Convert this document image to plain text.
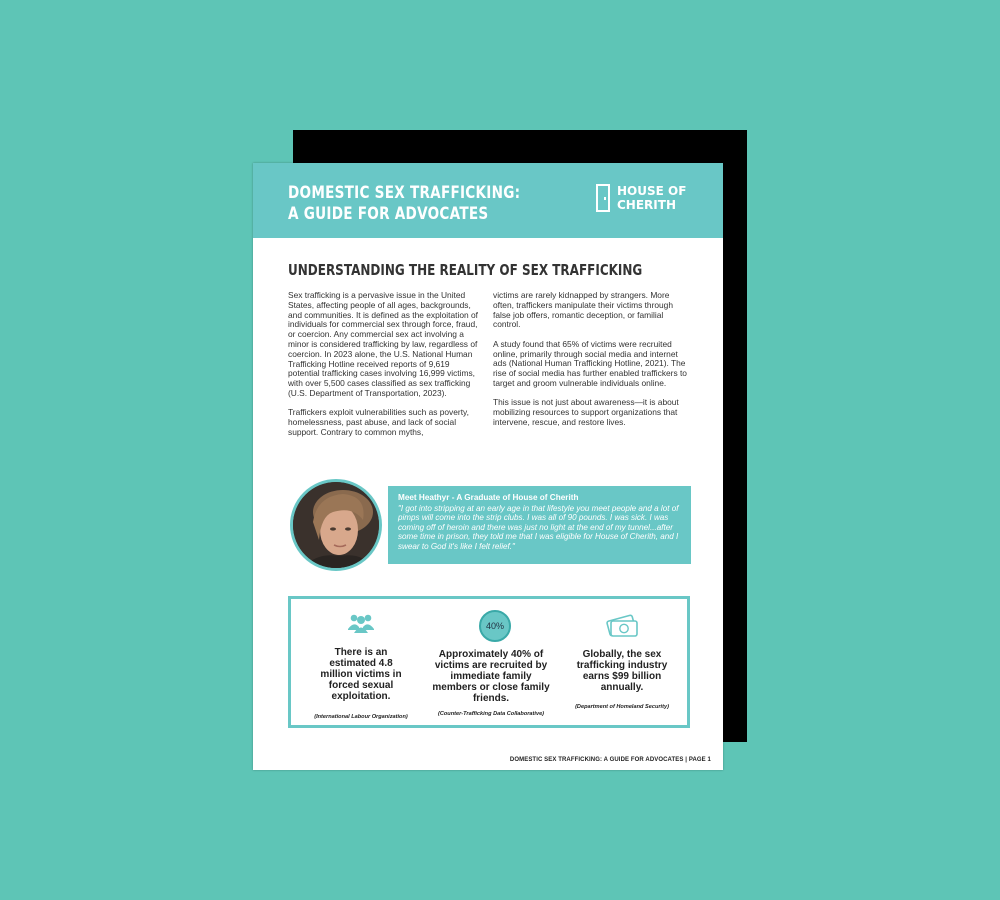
DOMESTIC SEX TRAFFICKING:
A GUIDE FOR ADVOCATES
HOUSE OF
CHERITH
UNDERSTANDING THE REALITY OF SEX TRAFFICKING

Sex trafficking is a pervasive issue in the United States, affecting people of all ages, backgrounds, and communities. It is defined as the exploitation of individuals for commercial sex through force, fraud, or coercion. Any commercial sex act involving a minor is considered trafficking by law, regardless of coercion. In 2023 alone, the U.S. National Human Trafficking Hotline received reports of 9,619 potential trafficking cases involving 16,999 victims, with over 5,500 cases classified as sex trafficking (U.S. Department of Transportation, 2023).

Traffickers exploit vulnerabilities such as poverty, homelessness, past abuse, and lack of social support. Contrary to common myths,

victims are rarely kidnapped by strangers. More often, traffickers manipulate their victims through false job offers, romantic deception, or familial control.

A study found that 65% of victims were recruited online, primarily through social media and internet ads (National Human Trafficking Hotline, 2021). The rise of social media has further enabled traffickers to target and groom vulnerable individuals online.

This issue is not just about awareness—it is about mobilizing resources to support organizations that intervene, rescue, and restore lives.

Meet Heathyr - A Graduate of House of Cherith
"I got into stripping at an early age in that lifestyle you meet people and a lot of pimps will come into the strip clubs. I was all of 90 pounds. I was sick. I was coming off of heroin and there was just no light at the end of my tunnel...after some time in prison, they told me that I was eligible for House of Cherith, and I swear to God it's like I felt relief."
There is an estimated 4.8 million victims in forced sexual exploitation.
(International Labour Organization)
40%
Approximately 40% of victims are recruited by immediate family members or close family friends.
(Counter-Trafficking Data Collaborative)
Globally, the sex trafficking industry earns $99 billion annually.
(Department of Homeland Security)
DOMESTIC SEX TRAFFICKING: A GUIDE FOR ADVOCATES | PAGE 1
